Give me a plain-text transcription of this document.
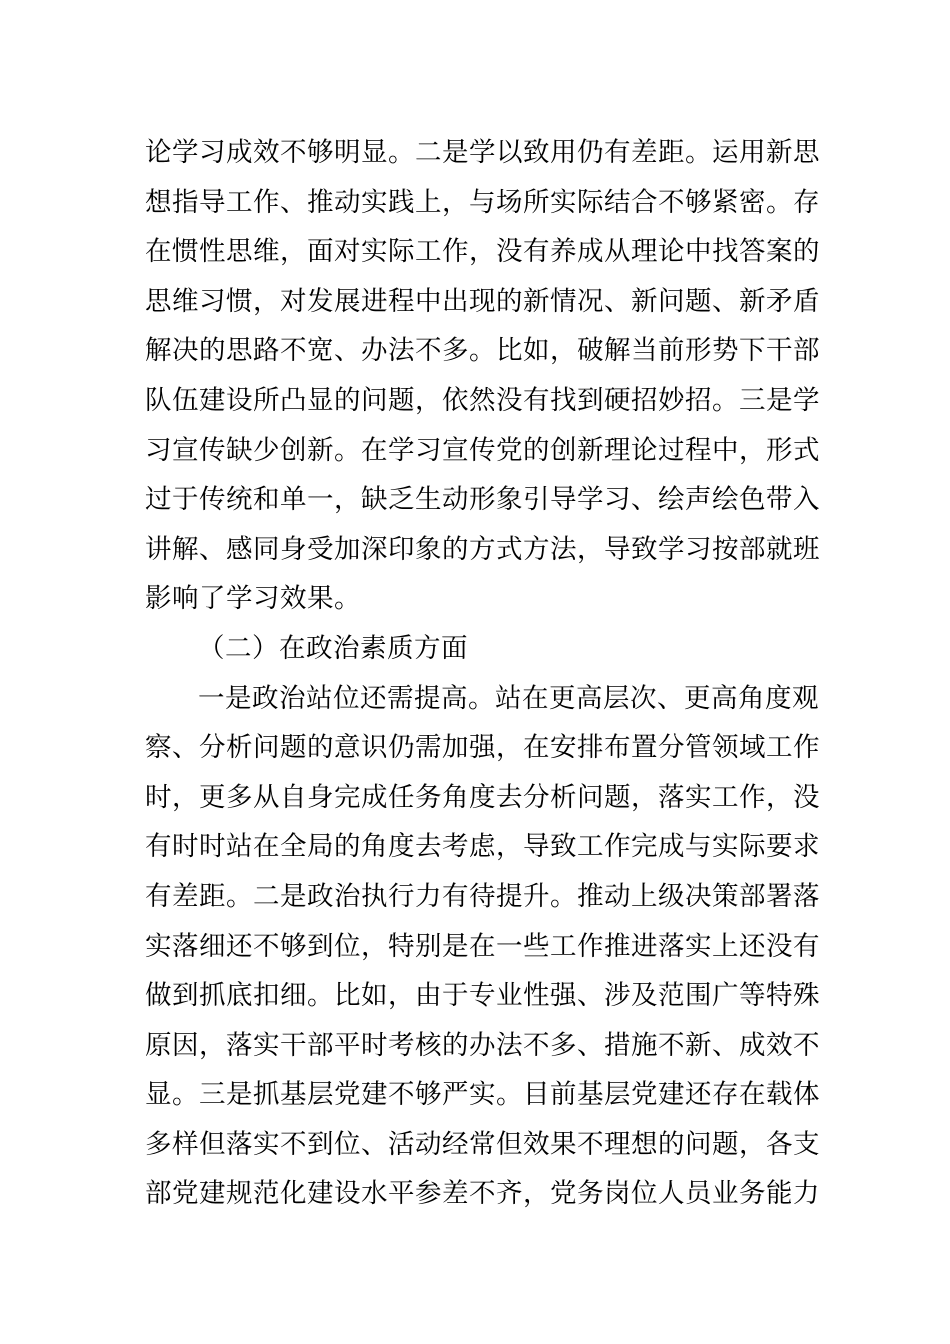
论学习成效不够明显。二是学以致用仍有差距。运用新思
想指导工作、推动实践上，与场所实际结合不够紧密。存
在惯性思维，面对实际工作，没有养成从理论中找答案的
思维习惯，对发展进程中出现的新情况、新问题、新矛盾
解决的思路不宽、办法不多。比如，破解当前形势下干部
队伍建设所凸显的问题，依然没有找到硬招妙招。三是学
习宣传缺少创新。在学习宣传党的创新理论过程中，形式
过于传统和单一，缺乏生动形象引导学习、绘声绘色带入
讲解、感同身受加深印象的方式方法，导致学习按部就班
影响了学习效果。
（二）在政治素质方面
一是政治站位还需提高。站在更高层次、更高角度观
察、分析问题的意识仍需加强，在安排布置分管领域工作
时，更多从自身完成任务角度去分析问题，落实工作，没
有时时站在全局的角度去考虑，导致工作完成与实际要求
有差距。二是政治执行力有待提升。推动上级决策部署落
实落细还不够到位，特别是在一些工作推进落实上还没有
做到抓底扣细。比如，由于专业性强、涉及范围广等特殊
原因，落实干部平时考核的办法不多、措施不新、成效不
显。三是抓基层党建不够严实。目前基层党建还存在载体
多样但落实不到位、活动经常但效果不理想的问题，各支
部党建规范化建设水平参差不齐，党务岗位人员业务能力
